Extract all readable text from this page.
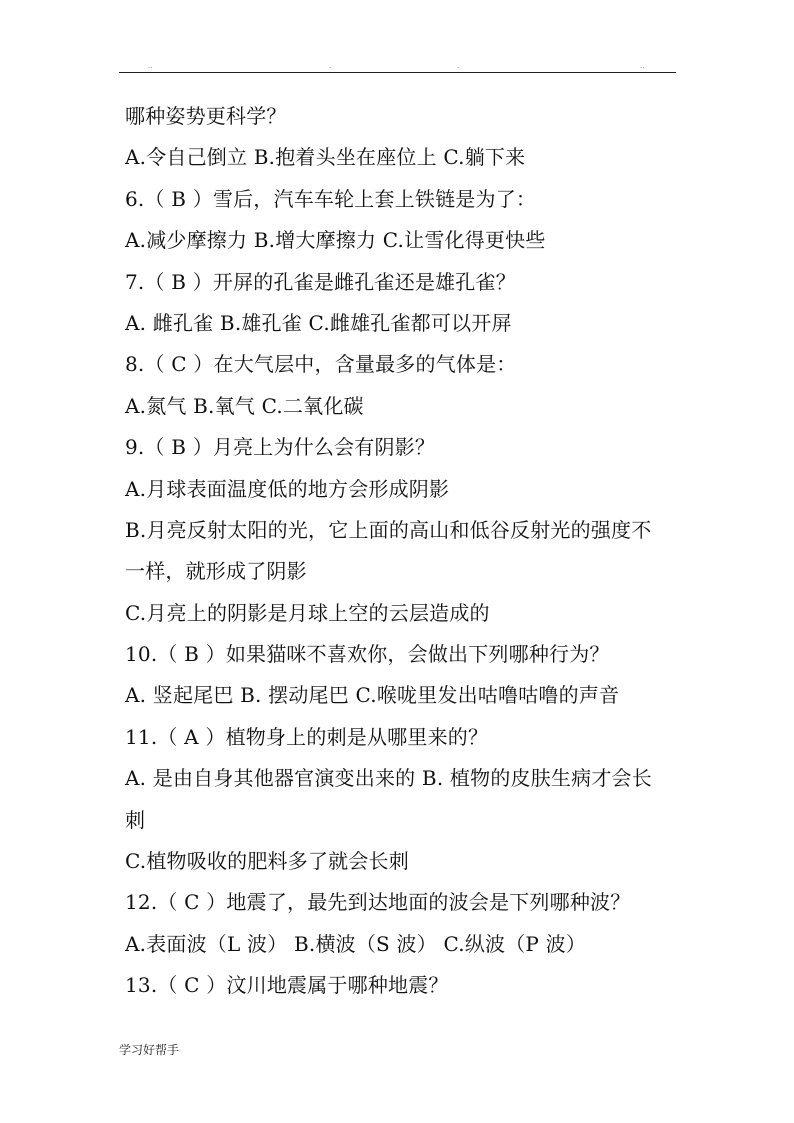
..	.	.	..
哪种姿势更科学？
A.令自己倒立 B.抱着头坐在座位上 C.躺下来
6.（ B ）雪后，汽车车轮上套上铁链是为了：
A.减少摩擦力 B.增大摩擦力 C.让雪化得更快些
7.（ B ）开屏的孔雀是雌孔雀还是雄孔雀？
A. 雌孔雀 B.雄孔雀 C.雌雄孔雀都可以开屏
8.（ C ）在大气层中，含量最多的气体是：
A.氮气 B.氧气 C.二氧化碳
9.（ B ）月亮上为什么会有阴影？
A.月球表面温度低的地方会形成阴影
B.月亮反射太阳的光，它上面的高山和低谷反射光的强度不
一样，就形成了阴影
C.月亮上的阴影是月球上空的云层造成的
10.（ B ）如果猫咪不喜欢你，会做出下列哪种行为？
A. 竖起尾巴 B. 摆动尾巴 C.喉咙里发出咕噜咕噜的声音
11.（ A ）植物身上的刺是从哪里来的？
A. 是由自身其他器官演变出来的 B. 植物的皮肤生病才会长
刺
C.植物吸收的肥料多了就会长刺
12.（ C ）地震了，最先到达地面的波会是下列哪种波？
A.表面波（L 波） B.横波（S 波） C.纵波（P 波）
13.（ C ）汶川地震属于哪种地震？
学习好帮手
